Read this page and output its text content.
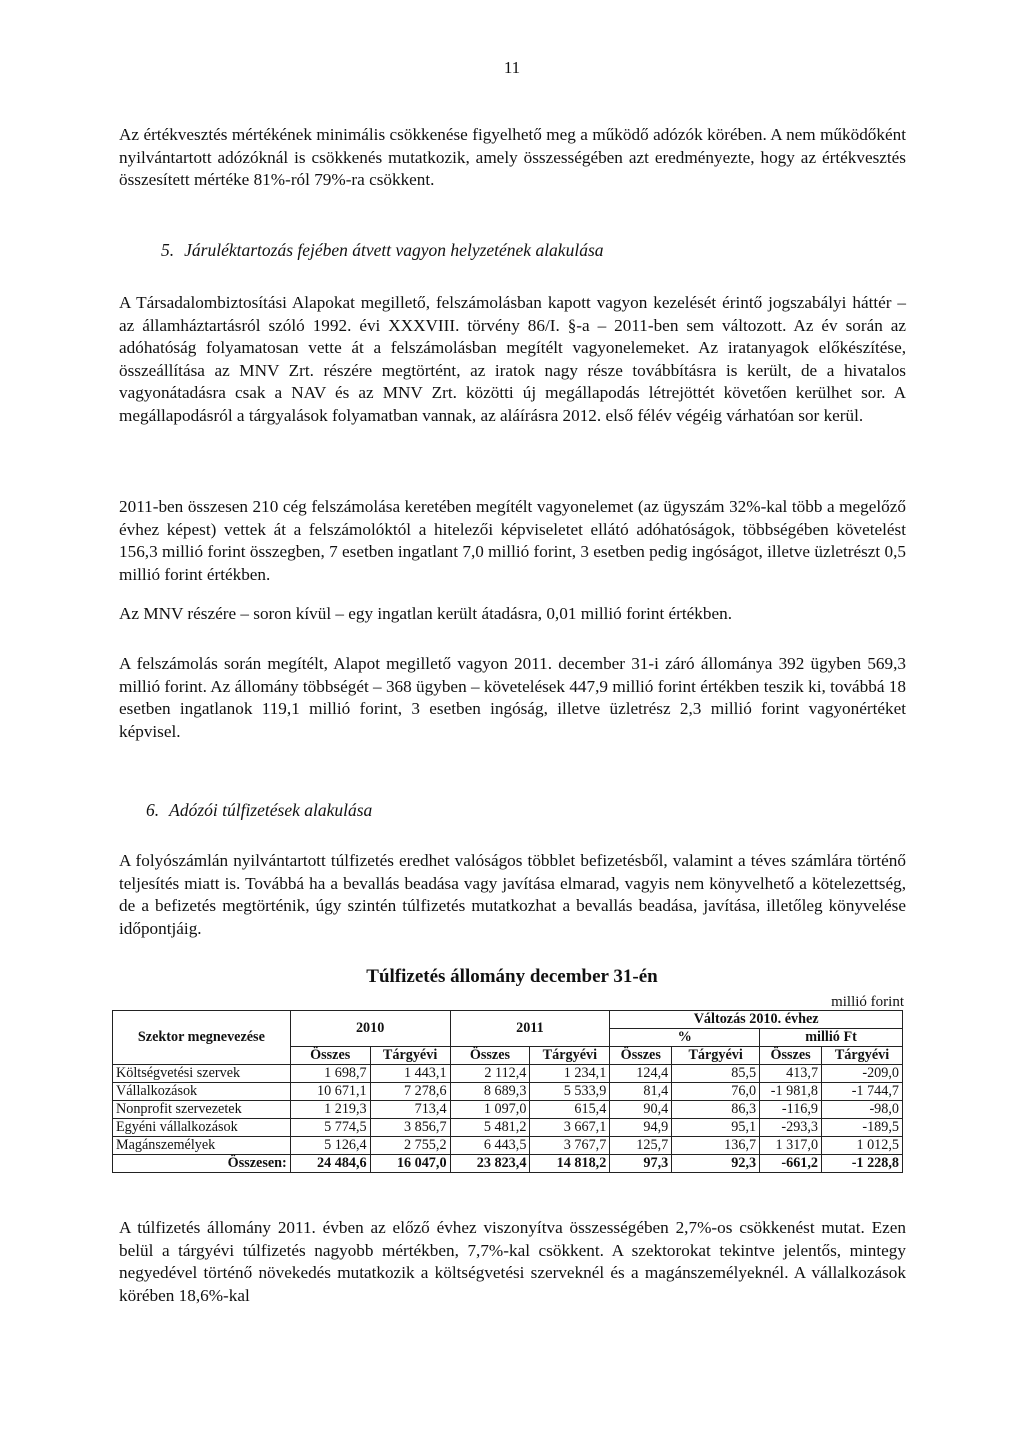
11

Az értékvesztés mértékének minimális csökkenése figyelhető meg a működő adózók körében. A nem működőként nyilvántartott adózóknál is csökkenés mutatkozik, amely összességében azt eredményezte, hogy az értékvesztés összesített mértéke 81%-ról 79%-ra csökkent.

5. Járuléktartozás fejében átvett vagyon helyzetének alakulása

A Társadalombiztosítási Alapokat megillető, felszámolásban kapott vagyon kezelését érintő jogszabályi háttér – az államháztartásról szóló 1992. évi XXXVIII. törvény 86/I. §-a – 2011-ben sem változott. Az év során az adóhatóság folyamatosan vette át a felszámolásban megítélt vagyonelemeket. Az iratanyagok előkészítése, összeállítása az MNV Zrt. részére megtörtént, az iratok nagy része továbbításra is került, de a hivatalos vagyonátadásra csak a NAV és az MNV Zrt. közötti új megállapodás létrejöttét követően kerülhet sor. A megállapodásról a tárgyalások folyamatban vannak, az aláírásra 2012. első félév végéig várhatóan sor kerül.

2011-ben összesen 210 cég felszámolása keretében megítélt vagyonelemet (az ügyszám 32%-kal több a megelőző évhez képest) vettek át a felszámolóktól a hitelezői képviseletet ellátó adóhatóságok, többségében követelést 156,3 millió forint összegben, 7 esetben ingatlant 7,0 millió forint, 3 esetben pedig ingóságot, illetve üzletrészt 0,5 millió forint értékben.

Az MNV részére – soron kívül – egy ingatlan került átadásra, 0,01 millió forint értékben.

A felszámolás során megítélt, Alapot megillető vagyon 2011. december 31-i záró állománya 392 ügyben 569,3 millió forint. Az állomány többségét – 368 ügyben – követelések 447,9 millió forint értékben teszik ki, továbbá 18 esetben ingatlanok 119,1 millió forint, 3 esetben ingóság, illetve üzletrész 2,3 millió forint vagyonértéket képvisel.

6. Adózói túlfizetések alakulása

A folyószámlán nyilvántartott túlfizetés eredhet valóságos többlet befizetésből, valamint a téves számlára történő teljesítés miatt is. Továbbá ha a bevallás beadása vagy javítása elmarad, vagyis nem könyvelhető a kötelezettség, de a befizetés megtörténik, úgy szintén túlfizetés mutatkozhat a bevallás beadása, javítása, illetőleg könyvelése időpontjáig.

Túlfizetés állomány december 31-én
millió forint
Szektor megnevezése	2010		2011		Változás 2010. évhez			
					%		millió Ft	
	Összes	Tárgyévi	Összes	Tárgyévi	Összes	Tárgyévi	Összes	Tárgyévi
Költségvetési szervek	1 698,7	1 443,1	2 112,4	1 234,1	124,4	85,5	413,7	-209,0
Vállalkozások	10 671,1	7 278,6	8 689,3	5 533,9	81,4	76,0	-1 981,8	-1 744,7
Nonprofit szervezetek	1 219,3	713,4	1 097,0	615,4	90,4	86,3	-116,9	-98,0
Egyéni vállalkozások	5 774,5	3 856,7	5 481,2	3 667,1	94,9	95,1	-293,3	-189,5
Magánszemélyek	5 126,4	2 755,2	6 443,5	3 767,7	125,7	136,7	1 317,0	1 012,5
Összesen:	24 484,6	16 047,0	23 823,4	14 818,2	97,3	92,3	-661,2	-1 228,8

A túlfizetés állomány 2011. évben az előző évhez viszonyítva összességében 2,7%-os csökkenést mutat. Ezen belül a tárgyévi túlfizetés nagyobb mértékben, 7,7%-kal csökkent. A szektorokat tekintve jelentős, mintegy negyedével történő növekedés mutatkozik a költségvetési szerveknél és a magánszemélyeknél. A vállalkozások körében 18,6%-kal
